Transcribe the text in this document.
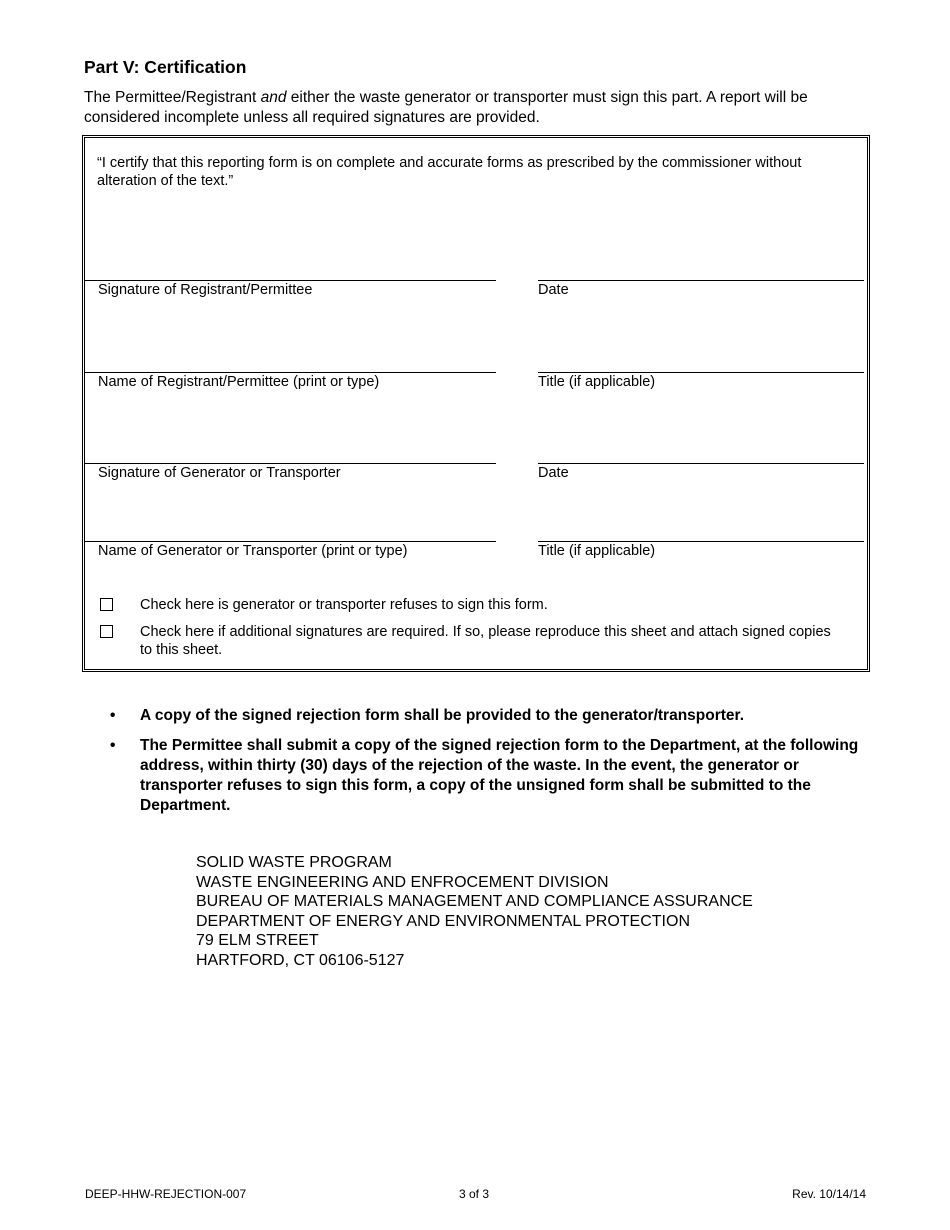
Part V: Certification
The Permittee/Registrant and either the waste generator or transporter must sign this part. A report will be considered incomplete unless all required signatures are provided.
“I certify that this reporting form is on complete and accurate forms as prescribed by the commissioner without alteration of the text.”
Signature of Registrant/Permittee	Date
Name of Registrant/Permittee (print or type)	Title (if applicable)
Signature of Generator or Transporter	Date
Name of Generator or Transporter (print or type)	Title (if applicable)
Check here is generator or transporter refuses to sign this form.
Check here if additional signatures are required. If so, please reproduce this sheet and attach signed copies to this sheet.
• A copy of the signed rejection form shall be provided to the generator/transporter.
• The Permittee shall submit a copy of the signed rejection form to the Department, at the following address, within thirty (30) days of the rejection of the waste. In the event, the generator or transporter refuses to sign this form, a copy of the unsigned form shall be submitted to the Department.
SOLID WASTE PROGRAM
WASTE ENGINEERING AND ENFROCEMENT DIVISION
BUREAU OF MATERIALS MANAGEMENT AND COMPLIANCE ASSURANCE
DEPARTMENT OF ENERGY AND ENVIRONMENTAL PROTECTION
79 ELM STREET
HARTFORD, CT 06106-5127
DEEP-HHW-REJECTION-007	3 of 3	Rev. 10/14/14
